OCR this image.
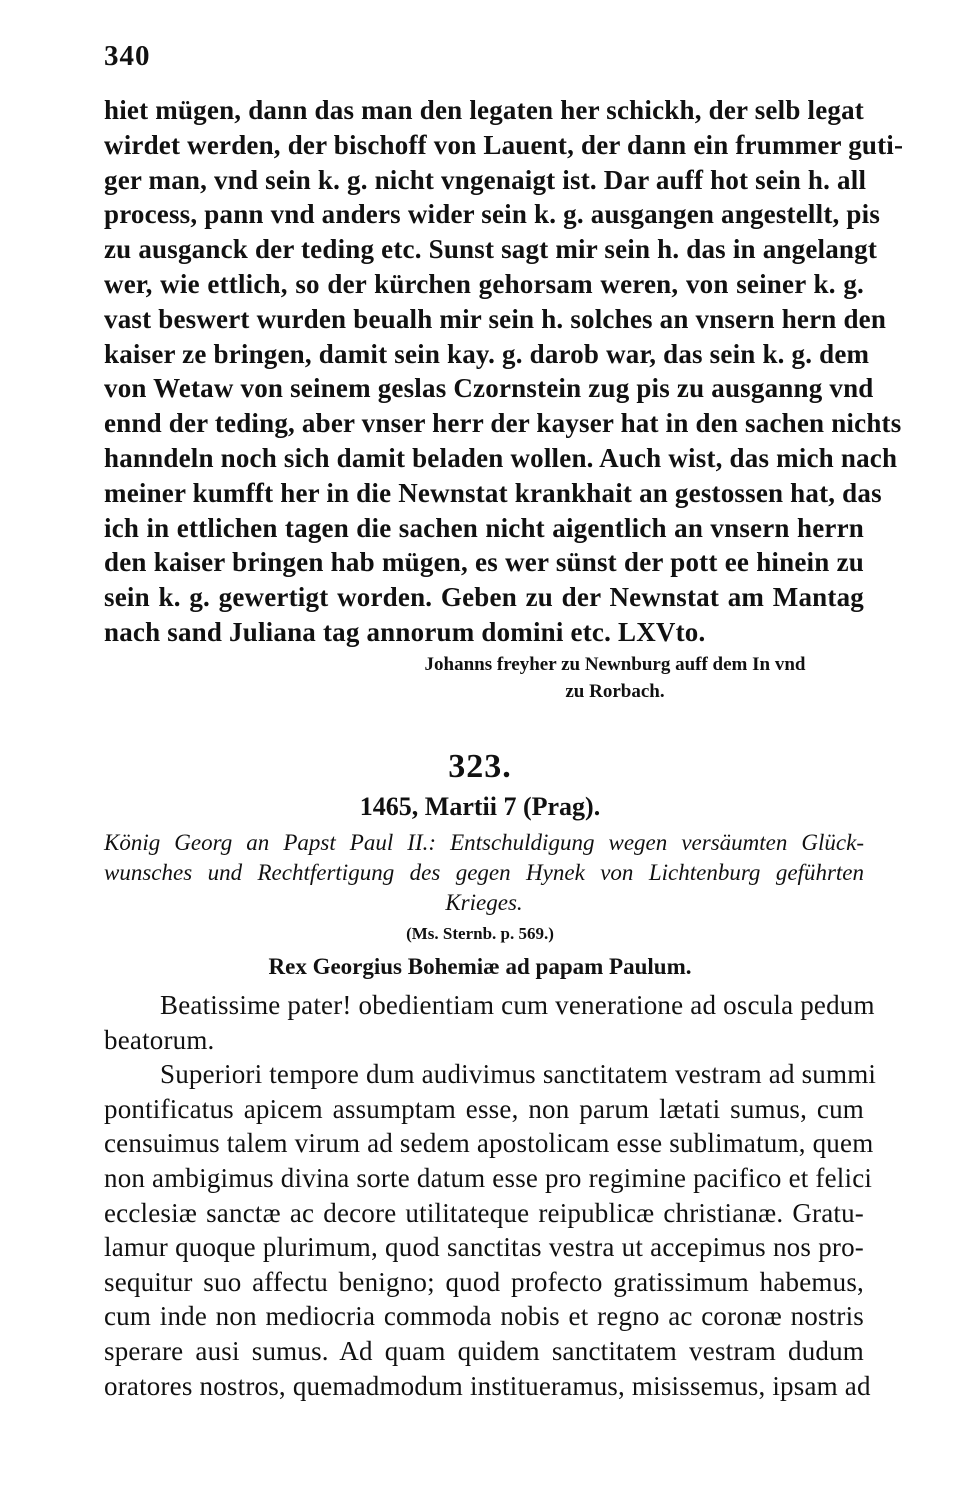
340
hiet mügen, dann das man den legaten her schickh, der selb legat
wirdet werden, der bischoff von Lauent, der dann ein frummer guti-
ger man, vnd sein k. g. nicht vngenaigt ist. Dar auff hot sein h. all
process, pann vnd anders wider sein k. g. ausgangen angestellt, pis
zu ausganck der teding etc. Sunst sagt mir sein h. das in angelangt
wer, wie ettlich, so der kürchen gehorsam weren, von seiner k. g.
vast beswert wurden beualh mir sein h. solches an vnsern hern den
kaiser ze bringen, damit sein kay. g. darob war, das sein k. g. dem
von Wetaw von seinem geslas Czornstein zug pis zu ausganng vnd
ennd der teding, aber vnser herr der kayser hat in den sachen nichts
hanndeln noch sich damit beladen wollen. Auch wist, das mich nach
meiner kumfft her in die Newnstat krankhait an gestossen hat, das
ich in ettlichen tagen die sachen nicht aigentlich an vnsern herrn
den kaiser bringen hab mügen, es wer sünst der pott ee hinein zu
sein k. g. gewertigt worden. Geben zu der Newnstat am Mantag
nach sand Juliana tag annorum domini etc. LXVto.
Johanns freyher zu Newnburg auff dem In vnd
zu Rorbach.
323.
1465, Martii 7 (Prag).
König Georg an Papst Paul II.: Entschuldigung wegen versäumten Glück-
wunsches und Rechtfertigung des gegen Hynek von Lichtenburg geführten
Krieges.
(Ms. Sternb. p. 569.)
Rex Georgius Bohemiæ ad papam Paulum.
Beatissime pater! obedientiam cum veneratione ad oscula pedum
beatorum.
Superiori tempore dum audivimus sanctitatem vestram ad summi
pontificatus apicem assumptam esse, non parum lætati sumus, cum
censuimus talem virum ad sedem apostolicam esse sublimatum, quem
non ambigimus divina sorte datum esse pro regimine pacifico et felici
ecclesiæ sanctæ ac decore utilitateque reipublicæ christianæ. Gratu-
lamur quoque plurimum, quod sanctitas vestra ut accepimus nos pro-
sequitur suo affectu benigno; quod profecto gratissimum habemus,
cum inde non mediocria commoda nobis et regno ac coronæ nostris
sperare ausi sumus. Ad quam quidem sanctitatem vestram dudum
oratores nostros, quemadmodum institueramus, misissemus, ipsam ad
